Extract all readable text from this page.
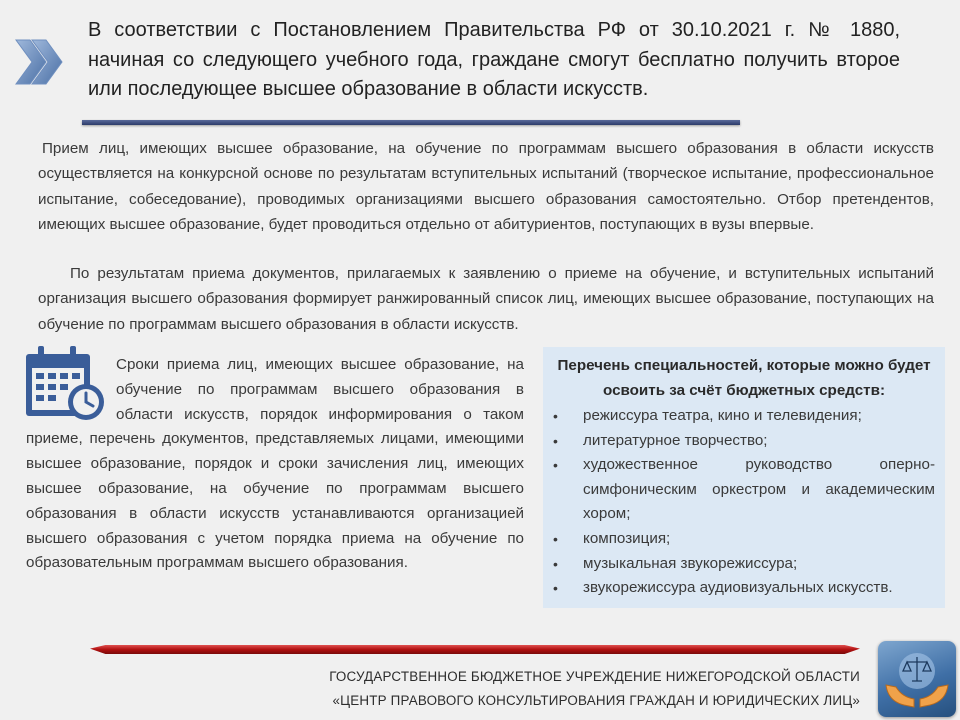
В соответствии с Постановлением Правительства РФ от 30.10.2021 г. № 1880, начиная со следующего учебного года, граждане смогут бесплатно получить второе или последующее высшее образование в области искусств.
Прием лиц, имеющих высшее образование, на обучение по программам высшего образования в области искусств осуществляется на конкурсной основе по результатам вступительных испытаний (творческое испытание, профессиональное испытание, собеседование), проводимых организациями высшего образования самостоятельно. Отбор претендентов, имеющих высшее образование, будет проводиться отдельно от абитуриентов, поступающих в вузы впервые.
По результатам приема документов, прилагаемых к заявлению о приеме на обучение, и вступительных испытаний организация высшего образования формирует ранжированный список лиц, имеющих высшее образование, поступающих на обучение по программам высшего образования в области искусств.
Сроки приема лиц, имеющих высшее образование, на обучение по программам высшего образования в области искусств, порядок информирования о таком приеме, перечень документов, представляемых лицами, имеющими высшее образование, порядок и сроки зачисления лиц, имеющих высшее образование, на обучение по программам высшего образования в области искусств устанавливаются организацией высшего образования с учетом порядка приема на обучение по образовательным программам высшего образования.
Перечень специальностей, которые можно будет освоить за счёт бюджетных средств:
• режиссура театра, кино и телевидения;
• литературное творчество;
• художественное руководство оперно-симфоническим оркестром и академическим хором;
• композиция;
• музыкальная звукорежиссура;
• звукорежиссура аудиовизуальных искусств.
ГОСУДАРСТВЕННОЕ БЮДЖЕТНОЕ УЧРЕЖДЕНИЕ НИЖЕГОРОДСКОЙ ОБЛАСТИ
«ЦЕНТР ПРАВОВОГО КОНСУЛЬТИРОВАНИЯ ГРАЖДАН И ЮРИДИЧЕСКИХ ЛИЦ»
